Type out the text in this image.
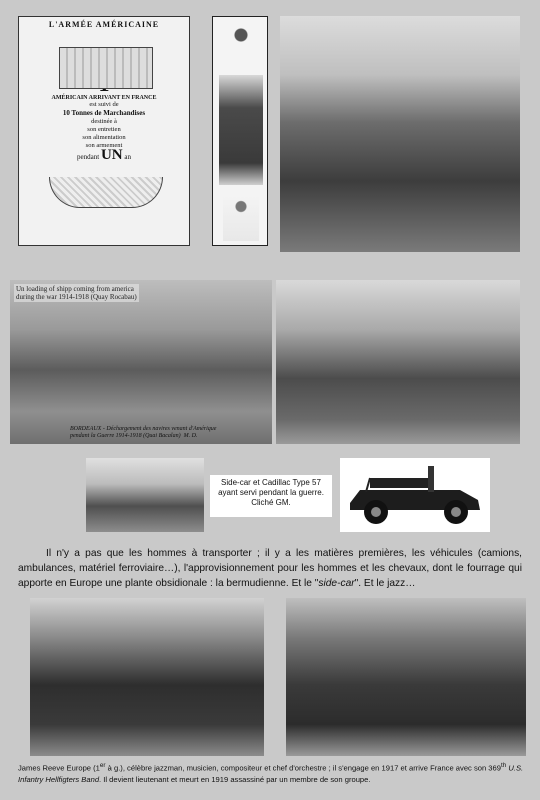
L'ARMÉE AMÉRICAINE
AMÉRICAIN ARRIVANT EN FRANCE
est suivi de
10 Tonnes de Marchandises
destinée à
son entretien
son alimentation
son armement
pendant UN an
Un loading of shipp coming from america
during the war 1914-1918 (Quay Rocabau)
BORDEAUX - Déchargement des navires venant d'Amérique
pendant la Guerre 1914-1918 (Quai Bacalan)  M. D.
Side-car et Cadillac Type 57 ayant servi pendant la guerre. Cliché GM.
Il n'y a pas que les hommes à transporter ; il y a les matières premières, les véhicules (camions, ambulances, matériel ferroviaire…), l'approvisionnement pour les hommes et les chevaux, dont le fourrage qui apporte en Europe une plante obsidionale : la bermudienne. Et le "side-car". Et le jazz…
James Reeve Europe (1er à g.), célèbre jazzman, musicien, compositeur et chef d'orchestre ; il s'engage en 1917 et arrive France avec son 369th U.S. Infantry Hellfigters Band. Il devient lieutenant et meurt en 1919 assassiné par un membre de son groupe.
